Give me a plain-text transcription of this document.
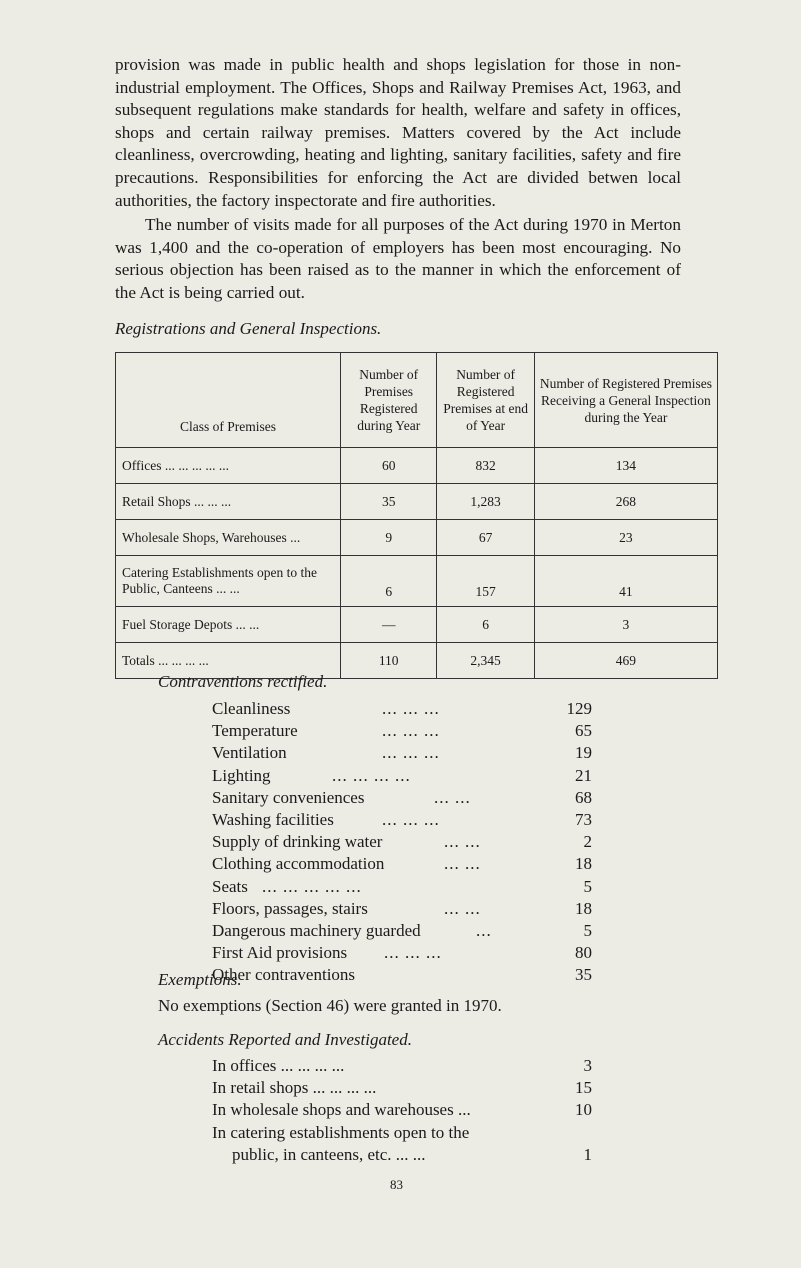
provision was made in public health and shops legislation for those in non-industrial employment. The Offices, Shops and Railway Premises Act, 1963, and subsequent regulations make standards for health, welfare and safety in offices, shops and certain railway premises. Matters covered by the Act include cleanliness, overcrowding, heating and lighting, sanitary facilities, safety and fire precautions. Responsibilities for enforcing the Act are divided betwen local authorities, the factory inspectorate and fire authorities.

The number of visits made for all purposes of the Act during 1970 in Merton was 1,400 and the co-operation of employers has been most encouraging. No serious objection has been raised as to the manner in which the enforcement of the Act is being carried out.

Registrations and General Inspections.

Class of Premises	Number of Premises Registered during Year	Number of Registered Premises at end of Year	Number of Registered Premises Receiving a General Inspection during the Year
Offices ... ... ... ... ...	60	832	134
Retail Shops ... ... ...	35	1,283	268
Wholesale Shops, Warehouses ...	9	67	23
Catering Establishments open to the Public, Canteens ... ...	6	157	41
Fuel Storage Depots ... ...	—	6	3
Totals ... ... ... ...	110	2,345	469

Contraventions rectified.

Cleanliness	... ... ...	129
Temperature	... ... ...	65
Ventilation	... ... ...	19
Lighting	... ... ... ...	21
Sanitary conveniences	... ...	68
Washing facilities	... ... ...	73
Supply of drinking water	... ...	2
Clothing accommodation	... ...	18
Seats ... ... ... ... ...	5
Floors, passages, stairs	... ...	18
Dangerous machinery guarded	...	5
First Aid provisions ... ... ...	80
Other contraventions	35

Exemptions.

No exemptions (Section 46) were granted in 1970.

Accidents Reported and Investigated.

In offices ... ... ... ...	3
In retail shops ... ... ... ...	15
In wholesale shops and warehouses ...	10
In catering establishments open to the
public, in canteens, etc. ... ...	1
83
